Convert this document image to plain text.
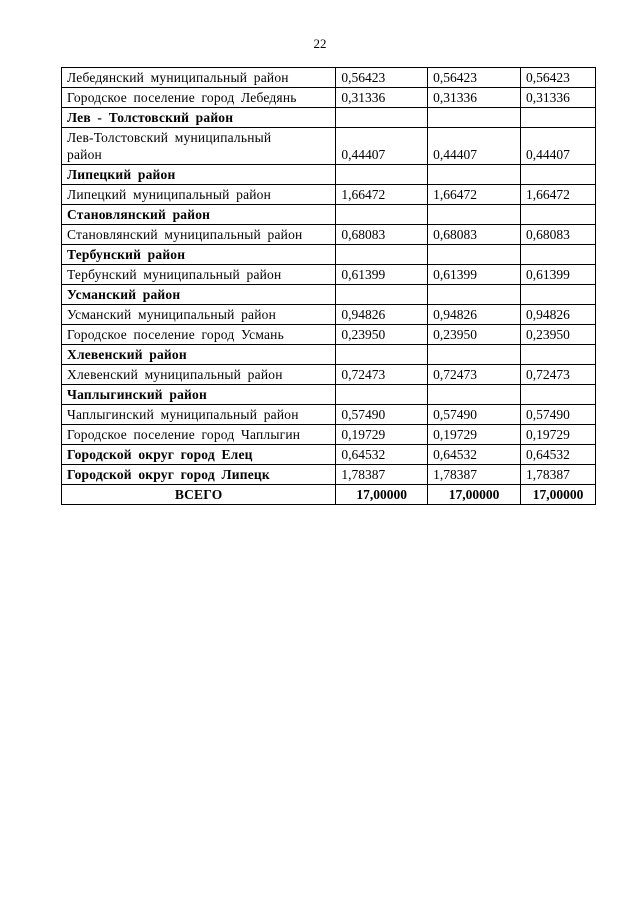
22
Лебедянский муниципальный район	0,56423	0,56423	0,56423
Городское поселение город Лебедянь	0,31336	0,31336	0,31336
Лев - Толстовский район			

Лев-Толстовский муниципальный
район	0,44407	0,44407	0,44407
Липецкий район			
Липецкий муниципальный район	1,66472	1,66472	1,66472
Становлянский район			
Становлянский муниципальный район	0,68083	0,68083	0,68083
Тербунский район			
Тербунский муниципальный район	0,61399	0,61399	0,61399
Усманский район			
Усманский муниципальный район	0,94826	0,94826	0,94826
Городское поселение город Усмань	0,23950	0,23950	0,23950
Хлевенский район			
Хлевенский муниципальный район	0,72473	0,72473	0,72473
Чаплыгинский район			
Чаплыгинский муниципальный район	0,57490	0,57490	0,57490
Городское поселение город Чаплыгин	0,19729	0,19729	0,19729
Городской округ город Елец	0,64532	0,64532	0,64532
Городской округ город Липецк	1,78387	1,78387	1,78387
ВСЕГО	17,00000	17,00000	17,00000
